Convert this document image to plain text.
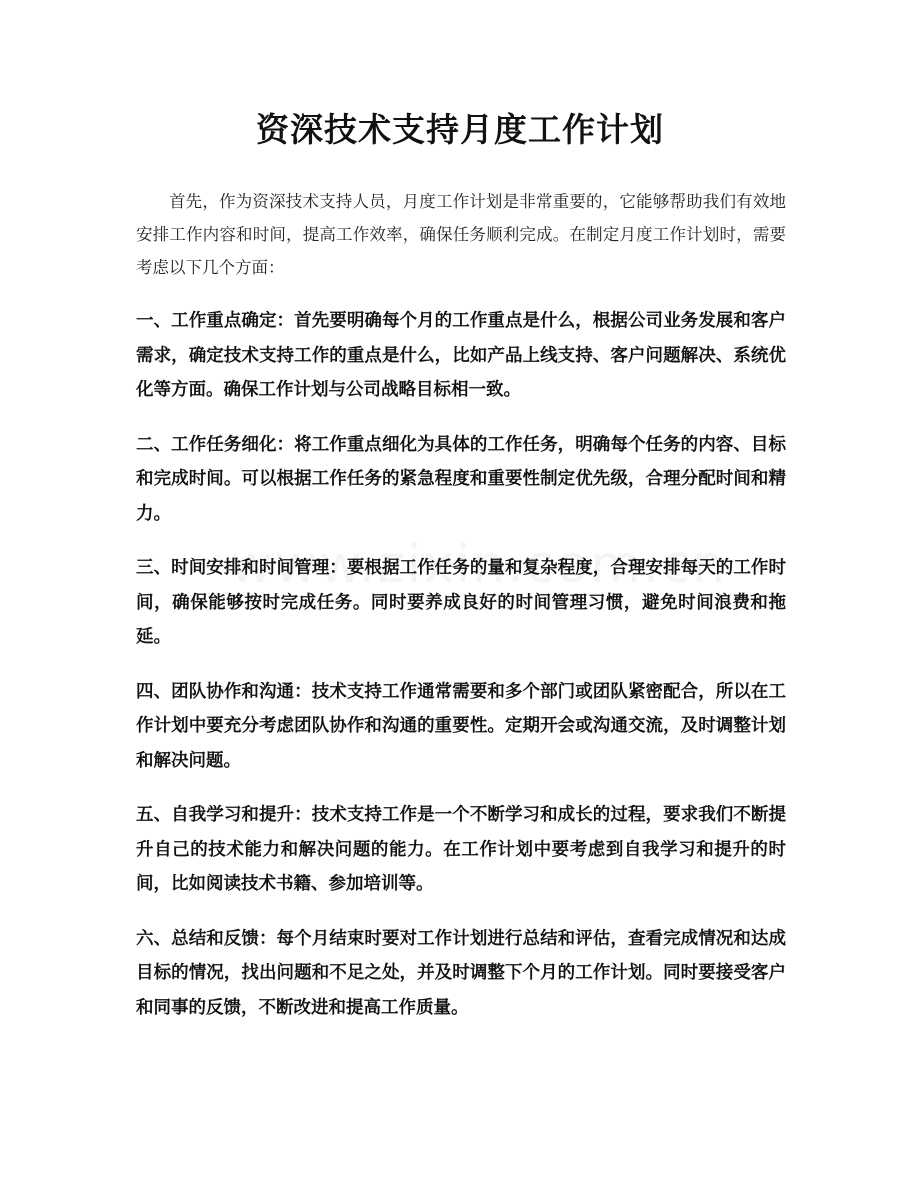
资深技术支持月度工作计划

首先，作为资深技术支持人员，月度工作计划是非常重要的，它能够帮助我们有效地安排工作内容和时间，提高工作效率，确保任务顺利完成。在制定月度工作计划时，需要考虑以下几个方面：

一、工作重点确定：首先要明确每个月的工作重点是什么，根据公司业务发展和客户需求，确定技术支持工作的重点是什么，比如产品上线支持、客户问题解决、系统优化等方面。确保工作计划与公司战略目标相一致。

二、工作任务细化：将工作重点细化为具体的工作任务，明确每个任务的内容、目标和完成时间。可以根据工作任务的紧急程度和重要性制定优先级，合理分配时间和精力。

三、时间安排和时间管理：要根据工作任务的量和复杂程度，合理安排每天的工作时间，确保能够按时完成任务。同时要养成良好的时间管理习惯，避免时间浪费和拖延。

四、团队协作和沟通：技术支持工作通常需要和多个部门或团队紧密配合，所以在工作计划中要充分考虑团队协作和沟通的重要性。定期开会或沟通交流，及时调整计划和解决问题。

五、自我学习和提升：技术支持工作是一个不断学习和成长的过程，要求我们不断提升自己的技术能力和解决问题的能力。在工作计划中要考虑到自我学习和提升的时间，比如阅读技术书籍、参加培训等。

六、总结和反馈：每个月结束时要对工作计划进行总结和评估，查看完成情况和达成目标的情况，找出问题和不足之处，并及时调整下个月的工作计划。同时要接受客户和同事的反馈，不断改进和提高工作质量。
